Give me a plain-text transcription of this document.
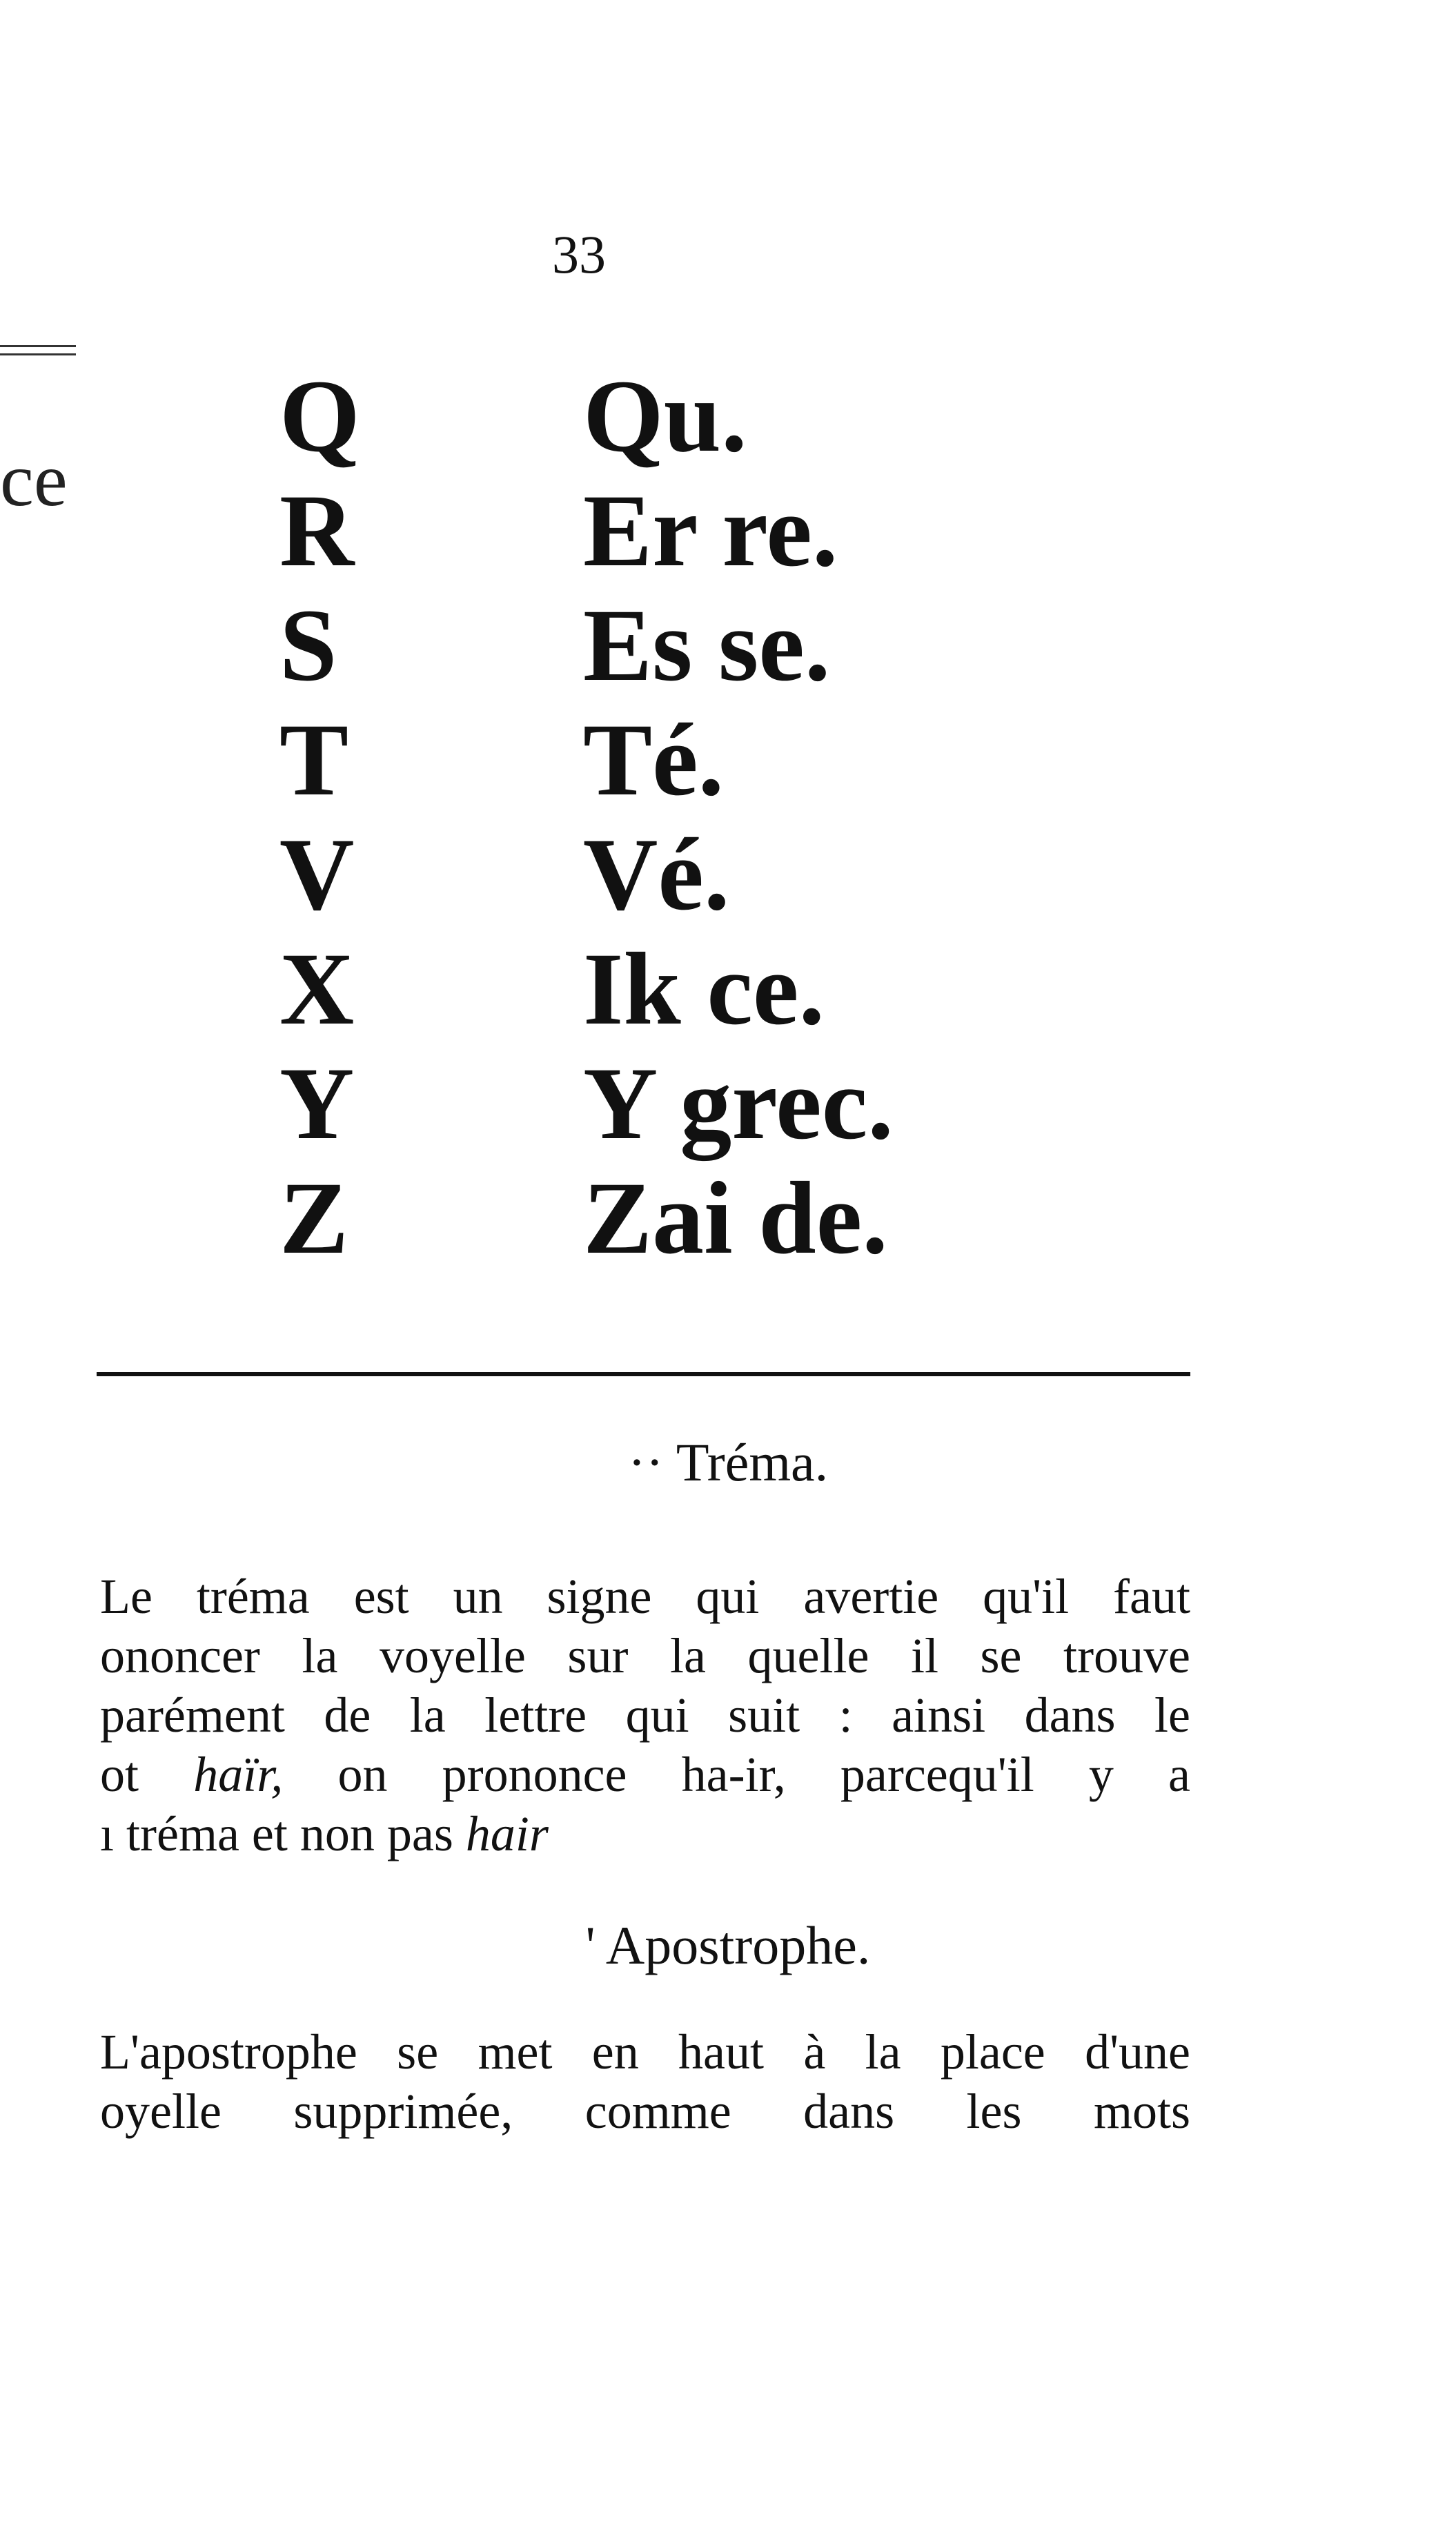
33
ce
Q	Qu.
R	Er re.
S	Es se.
T	Té.
V	Vé.
X	Ik ce.
Y	Y grec.
Z	Zai de.
·· Tréma.
Le tréma est un signe qui avertie qu'il faut
ononcer la voyelle sur la quelle il se trouve
parément de la lettre qui suit : ainsi dans le
ot haïr, on prononce ha-ir, parcequ'il y a
ı tréma et non pas hair
' Apostrophe.
L'apostrophe se met en haut à la place d'une
oyelle supprimée, comme dans les mots
